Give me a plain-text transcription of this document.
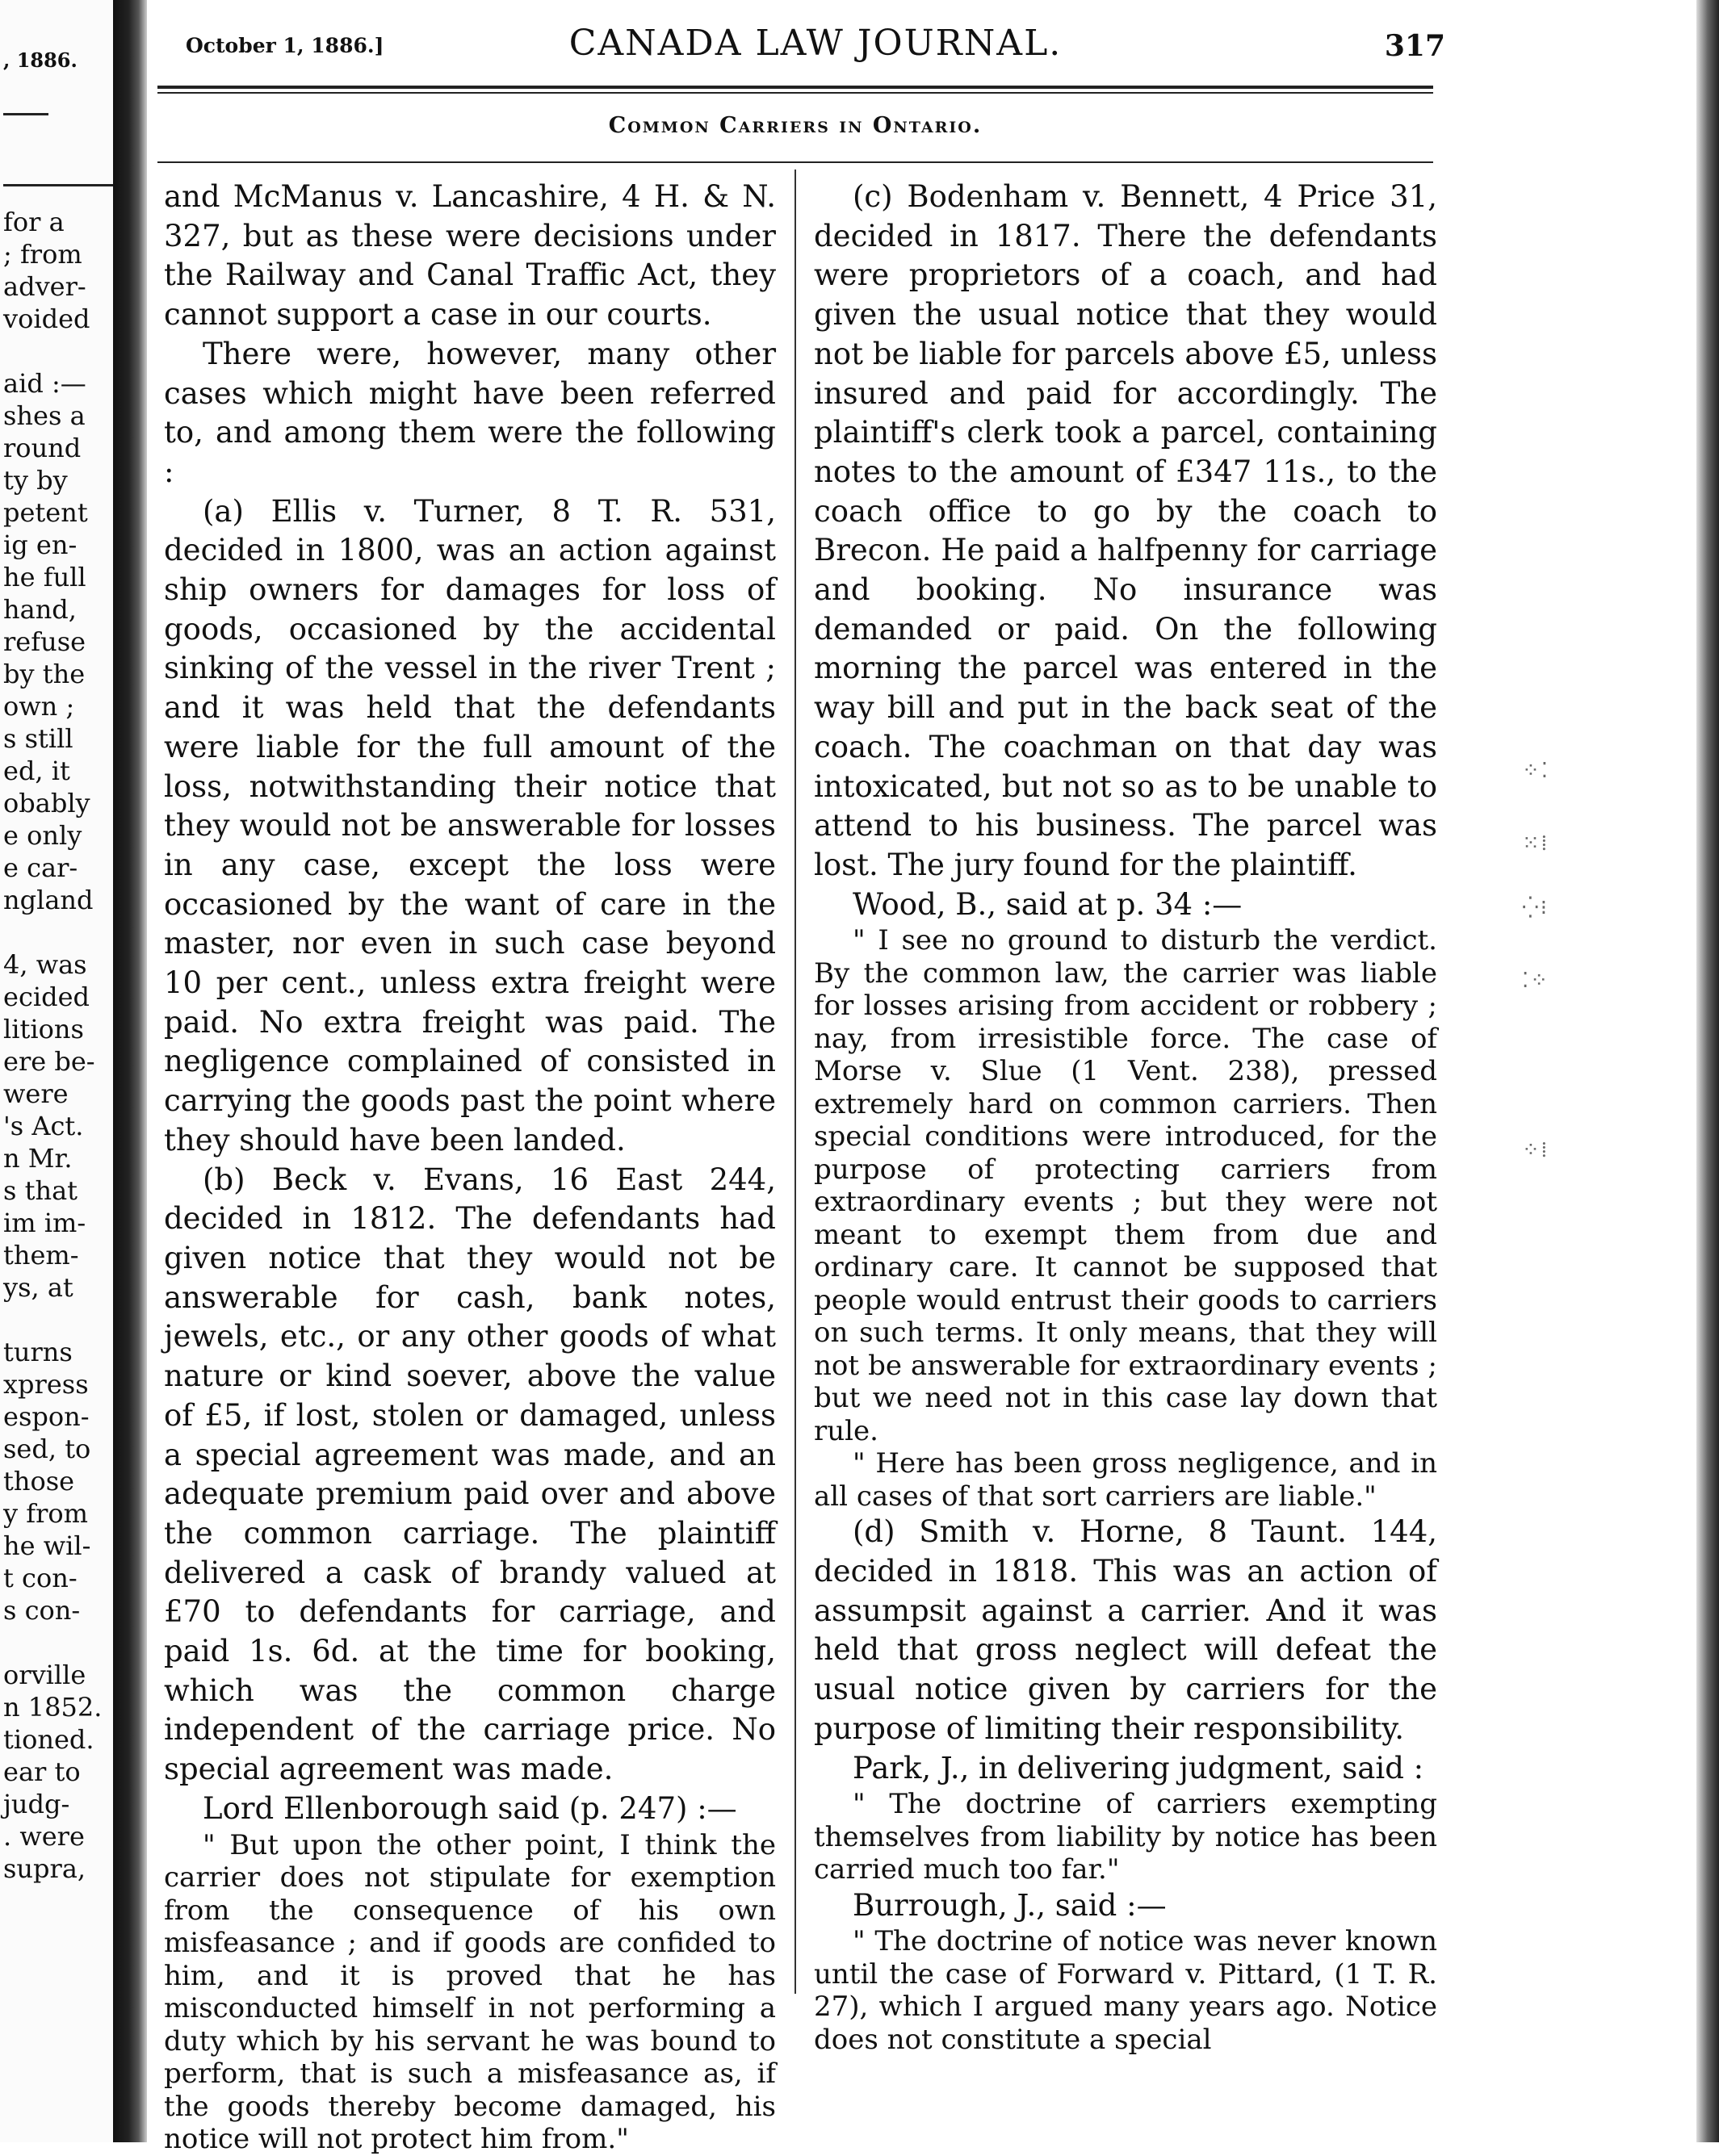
, 1886.
for a
; from
adver-
voided
aid :—
shes a
round
ty by
petent
ig en-
he full
hand,
refuse
by the
own ;
s still
ed, it
obably
e only
e car-
ngland
4, was
ecided
litions
ere be-
were
's Act.
n Mr.
s that
im im-
them-
ys, at
turns
xpress
espon-
sed, to
those
y from
he wil-
t con-
s con-
orville
n 1852.
tioned.
ear to
judg-
. were
supra,
⁘⁚
⁙⁞
⁛⁝
⁚⁘
⁘⁞
October 1, 1886.]	CANADA LAW JOURNAL.	317
Common Carriers in Ontario.

and McManus v. Lancashire, 4 H. & N. 327, but as these were decisions under the Railway and Canal Traffic Act, they cannot support a case in our courts.

There were, however, many other cases which might have been referred to, and among them were the following :

(a) Ellis v. Turner, 8 T. R. 531, decided in 1800, was an action against ship owners for damages for loss of goods, occasioned by the accidental sinking of the vessel in the river Trent ; and it was held that the defendants were liable for the full amount of the loss, notwithstanding their notice that they would not be answerable for losses in any case, except the loss were occasioned by the want of care in the master, nor even in such case beyond 10 per cent., unless extra freight were paid. No extra freight was paid. The negligence complained of consisted in carrying the goods past the point where they should have been landed.

(b) Beck v. Evans, 16 East 244, decided in 1812. The defendants had given notice that they would not be answerable for cash, bank notes, jewels, etc., or any other goods of what nature or kind soever, above the value of £5, if lost, stolen or damaged, unless a special agreement was made, and an adequate premium paid over and above the common carriage. The plaintiff delivered a cask of brandy valued at £70 to defendants for carriage, and paid 1s. 6d. at the time for booking, which was the common charge independent of the carriage price. No special agreement was made.

Lord Ellenborough said (p. 247) :—

" But upon the other point, I think the carrier does not stipulate for exemption from the consequence of his own misfeasance ; and if goods are confided to him, and it is proved that he has misconducted himself in not performing a duty which by his servant he was bound to perform, that is such a misfeasance as, if the goods thereby become damaged, his notice will not protect him from."

(c) Bodenham v. Bennett, 4 Price 31, decided in 1817. There the defendants were proprietors of a coach, and had given the usual notice that they would not be liable for parcels above £5, unless insured and paid for accordingly. The plaintiff's clerk took a parcel, containing notes to the amount of £347 11s., to the coach office to go by the coach to Brecon. He paid a halfpenny for carriage and booking. No insurance was demanded or paid. On the following morning the parcel was entered in the way bill and put in the back seat of the coach. The coachman on that day was intoxicated, but not so as to be unable to attend to his business. The parcel was lost. The jury found for the plaintiff.

Wood, B., said at p. 34 :—

" I see no ground to disturb the verdict. By the common law, the carrier was liable for losses arising from accident or robbery ; nay, from irresistible force. The case of Morse v. Slue (1 Vent. 238), pressed extremely hard on common carriers. Then special conditions were introduced, for the purpose of protecting carriers from extraordinary events ; but they were not meant to exempt them from due and ordinary care. It cannot be supposed that people would entrust their goods to carriers on such terms. It only means, that they will not be answerable for extraordinary events ; but we need not in this case lay down that rule.

" Here has been gross negligence, and in all cases of that sort carriers are liable."

(d) Smith v. Horne, 8 Taunt. 144, decided in 1818. This was an action of assumpsit against a carrier. And it was held that gross neglect will defeat the usual notice given by carriers for the purpose of limiting their responsibility.

Park, J., in delivering judgment, said :

" The doctrine of carriers exempting themselves from liability by notice has been carried much too far."

Burrough, J., said :—

" The doctrine of notice was never known until the case of Forward v. Pittard, (1 T. R. 27), which I argued many years ago. Notice does not constitute a special
